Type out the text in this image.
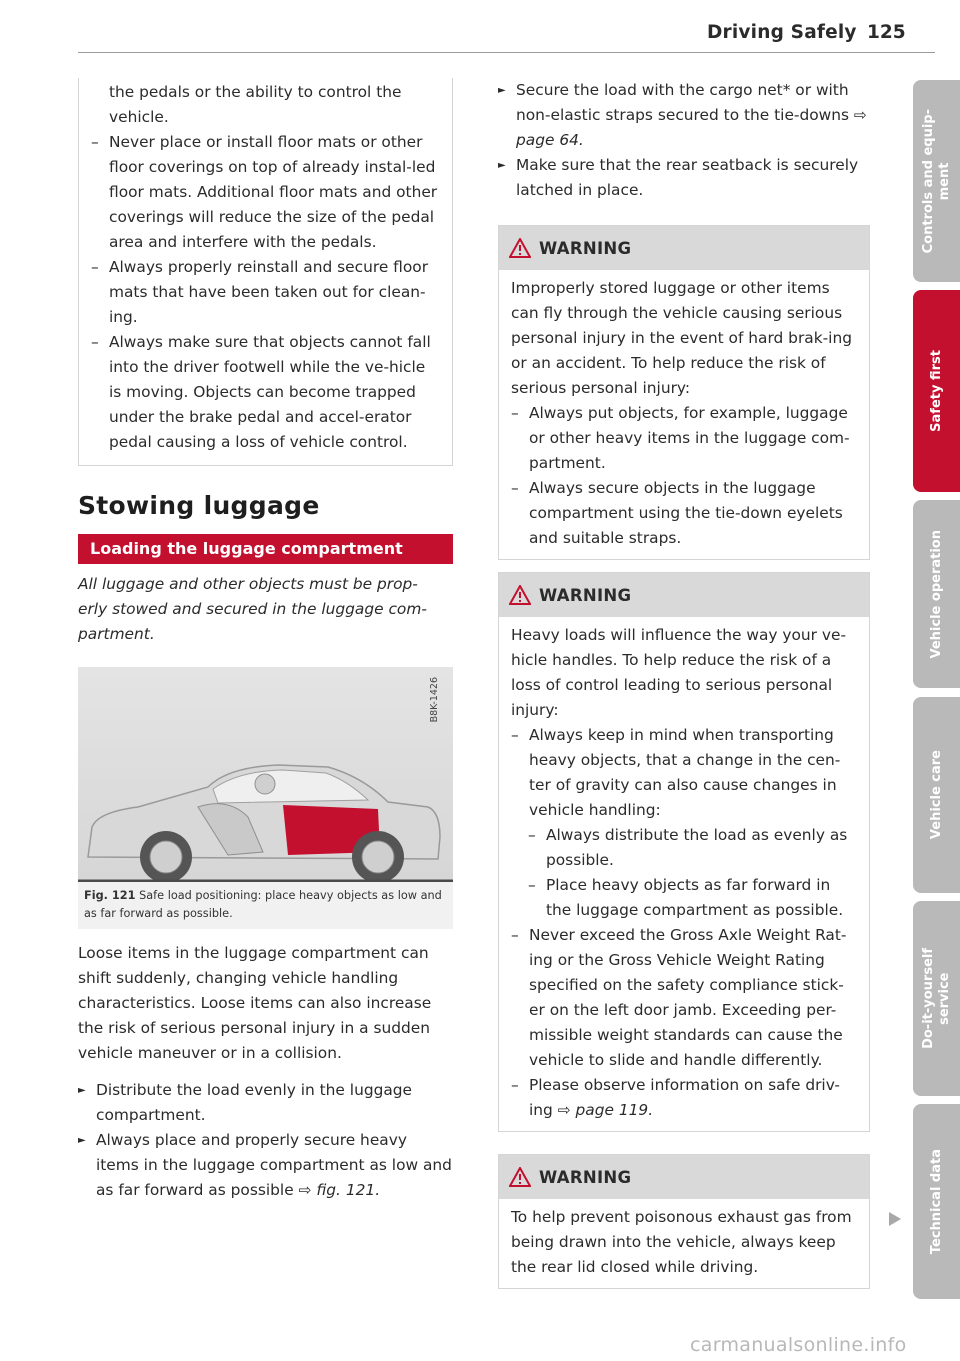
Driving Safely 125
the pedals or the ability to control the vehicle.
– Never place or install floor mats or other floor coverings on top of already instal-led floor mats. Additional floor mats and other coverings will reduce the size of the pedal area and interfere with the pedals.
– Always properly reinstall and secure floor mats that have been taken out for clean-ing.
– Always make sure that objects cannot fall into the driver footwell while the ve-hicle is moving. Objects can become trapped under the brake pedal and accel-erator pedal causing a loss of vehicle control.
Stowing luggage
Loading the luggage compartment
All luggage and other objects must be prop-erly stowed and secured in the luggage com-partment.
B8K-1426
Fig. 121 Safe load positioning: place heavy objects as low and as far forward as possible.
Loose items in the luggage compartment can shift suddenly, changing vehicle handling characteristics. Loose items can also increase the risk of serious personal injury in a sudden vehicle maneuver or in a collision.
► Distribute the load evenly in the luggage compartment.
► Always place and properly secure heavy items in the luggage compartment as low and as far forward as possible ⇨ fig. 121.
► Secure the load with the cargo net* or with non-elastic straps secured to the tie-downs ⇨ page 64.
► Make sure that the rear seatback is securely latched in place.
WARNING
Improperly stored luggage or other items can fly through the vehicle causing serious personal injury in the event of hard brak-ing or an accident. To help reduce the risk of serious personal injury:
– Always put objects, for example, luggage or other heavy items in the luggage com-partment.
– Always secure objects in the luggage compartment using the tie-down eyelets and suitable straps.
WARNING
Heavy loads will influence the way your ve-hicle handles. To help reduce the risk of a loss of control leading to serious personal injury:
– Always keep in mind when transporting heavy objects, that a change in the cen-ter of gravity can also cause changes in vehicle handling:
– Always distribute the load as evenly as possible.
– Place heavy objects as far forward in the luggage compartment as possible.
– Never exceed the Gross Axle Weight Rat-ing or the Gross Vehicle Weight Rating specified on the safety compliance stick-er on the left door jamb. Exceeding per-missible weight standards can cause the vehicle to slide and handle differently.
– Please observe information on safe driv-ing ⇨ page 119.
WARNING
To help prevent poisonous exhaust gas from being drawn into the vehicle, always keep the rear lid closed while driving.
Controls and equip-
ment
Safety first
Vehicle operation
Vehicle care
Do-it-yourself
service
Technical data
carmanualsonline.info
